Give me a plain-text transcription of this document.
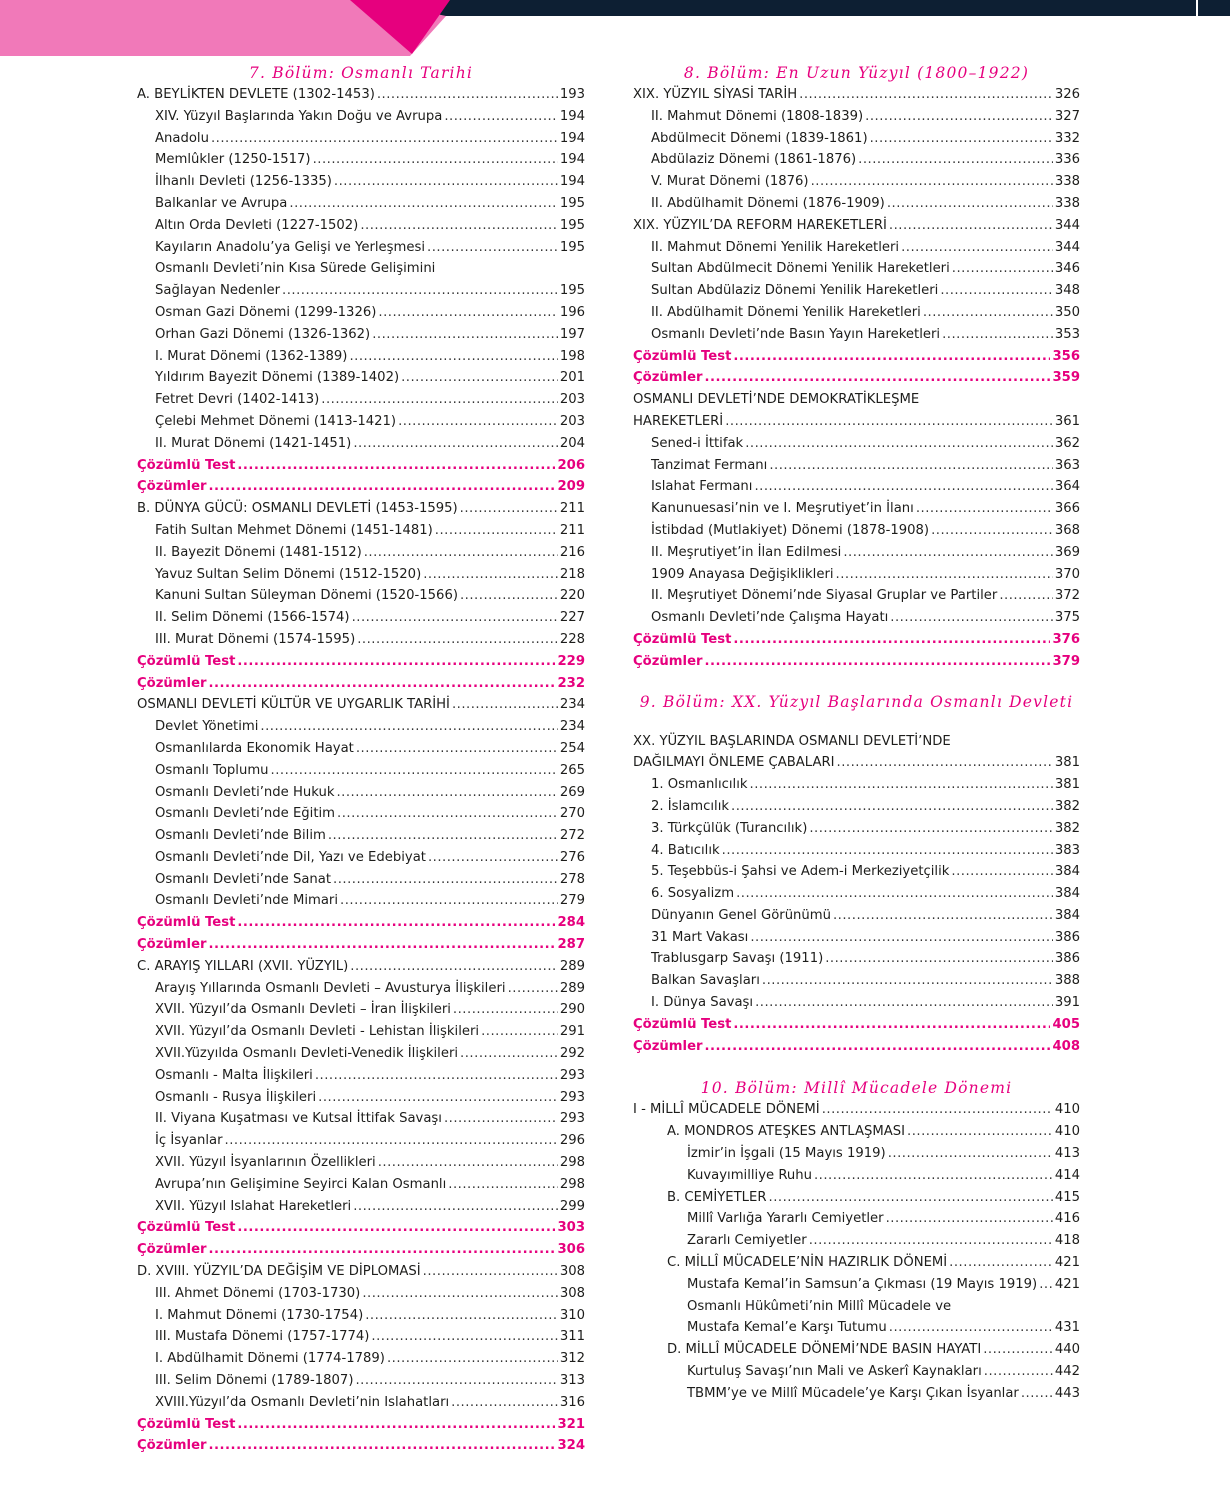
7. Bölüm: Osmanlı Tarihi
A. BEYLİKTEN DEVLETE (1302-1453) .....	193
XIV. Yüzyıl Başlarında Yakın Doğu ve Avrupa .....	194
Anadolu .....	194
Memlûkler (1250-1517) .....	194
İlhanlı Devleti (1256-1335) .....	194
Balkanlar ve Avrupa .....	195
Altın Orda Devleti (1227-1502) .....	195
Kayıların Anadolu’ya Gelişi ve Yerleşmesi .....	195
Osmanlı Devleti’nin Kısa Sürede Gelişimini
Sağlayan Nedenler .....	195
Osman Gazi Dönemi (1299-1326) .....	196
Orhan Gazi Dönemi (1326-1362) .....	197
I. Murat Dönemi (1362-1389) .....	198
Yıldırım Bayezit Dönemi (1389-1402) .....	201
Fetret Devri (1402-1413) .....	203
Çelebi Mehmet Dönemi (1413-1421) .....	203
II. Murat Dönemi (1421-1451) .....	204
Çözümlü Test .....	206
Çözümler .....	209
B. DÜNYA GÜCÜ: OSMANLI DEVLETİ (1453-1595) .....	211
Fatih Sultan Mehmet Dönemi (1451-1481) .....	211
II. Bayezit Dönemi (1481-1512) .....	216
Yavuz Sultan Selim Dönemi (1512-1520) .....	218
Kanuni Sultan Süleyman Dönemi (1520-1566) .....	220
II. Selim Dönemi (1566-1574) .....	227
III. Murat Dönemi (1574-1595) .....	228
Çözümlü Test .....	229
Çözümler .....	232
OSMANLI DEVLETİ KÜLTÜR VE UYGARLIK TARİHİ .....	234
Devlet Yönetimi .....	234
Osmanlılarda Ekonomik Hayat .....	254
Osmanlı Toplumu .....	265
Osmanlı Devleti’nde Hukuk .....	269
Osmanlı Devleti’nde Eğitim .....	270
Osmanlı Devleti’nde Bilim .....	272
Osmanlı Devleti’nde Dil, Yazı ve Edebiyat .....	276
Osmanlı Devleti’nde Sanat .....	278
Osmanlı Devleti’nde Mimari .....	279
Çözümlü Test .....	284
Çözümler .....	287
C. ARAYIŞ YILLARI (XVII. YÜZYIL) .....	289
Arayış Yıllarında Osmanlı Devleti – Avusturya İlişkileri .....	289
XVII. Yüzyıl’da Osmanlı Devleti – İran İlişkileri .....	290
XVII. Yüzyıl’da Osmanlı Devleti - Lehistan İlişkileri .....	291
XVII.Yüzyılda Osmanlı Devleti-Venedik İlişkileri .....	292
Osmanlı - Malta İlişkileri .....	293
Osmanlı - Rusya İlişkileri .....	293
II. Viyana Kuşatması ve Kutsal İttifak Savaşı .....	293
İç İsyanlar .....	296
XVII. Yüzyıl İsyanlarının Özellikleri .....	298
Avrupa’nın Gelişimine Seyirci Kalan Osmanlı .....	298
XVII. Yüzyıl Islahat Hareketleri .....	299
Çözümlü Test .....	303
Çözümler .....	306
D. XVIII. YÜZYIL’DA DEĞİŞİM VE DİPLOMASİ .....	308
III. Ahmet Dönemi (1703-1730) .....	308
I. Mahmut Dönemi (1730-1754) .....	310
III. Mustafa Dönemi (1757-1774) .....	311
I. Abdülhamit Dönemi (1774-1789) .....	312
III. Selim Dönemi (1789-1807) .....	313
XVIII.Yüzyıl’da Osmanlı Devleti’nin Islahatları .....	316
Çözümlü Test .....	321
Çözümler .....	324
8. Bölüm: En Uzun Yüzyıl (1800–1922)
XIX. YÜZYIL SİYASİ TARİH .....	326
II. Mahmut Dönemi (1808-1839) .....	327
Abdülmecit Dönemi (1839-1861) .....	332
Abdülaziz Dönemi (1861-1876) .....	336
V. Murat Dönemi (1876) .....	338
II. Abdülhamit Dönemi (1876-1909) .....	338
XIX. YÜZYIL’DA REFORM HAREKETLERİ .....	344
II. Mahmut Dönemi Yenilik Hareketleri .....	344
Sultan Abdülmecit Dönemi Yenilik Hareketleri .....	346
Sultan Abdülaziz Dönemi Yenilik Hareketleri .....	348
II. Abdülhamit Dönemi Yenilik Hareketleri .....	350
Osmanlı Devleti’nde Basın Yayın Hareketleri .....	353
Çözümlü Test .....	356
Çözümler .....	359
OSMANLI DEVLETİ’NDE DEMOKRATİKLEŞME
HAREKETLERİ .....	361
Sened-i İttifak .....	362
Tanzimat Fermanı .....	363
Islahat Fermanı .....	364
Kanunuesasi’nin ve I. Meşrutiyet’in İlanı .....	366
İstibdad (Mutlakiyet) Dönemi (1878-1908) .....	368
II. Meşrutiyet’in İlan Edilmesi .....	369
1909 Anayasa Değişiklikleri .....	370
II. Meşrutiyet Dönemi’nde Siyasal Gruplar ve Partiler .....	372
Osmanlı Devleti’nde Çalışma Hayatı .....	375
Çözümlü Test .....	376
Çözümler .....	379
9. Bölüm: XX. Yüzyıl Başlarında Osmanlı Devleti
XX. YÜZYIL BAŞLARINDA OSMANLI DEVLETİ’NDE
DAĞILMAYI ÖNLEME ÇABALARI .....	381
1. Osmanlıcılık .....	381
2. İslamcılık .....	382
3. Türkçülük (Turancılık) .....	382
4. Batıcılık .....	383
5. Teşebbüs-i Şahsi ve Adem-i Merkeziyetçilik .....	384
6. Sosyalizm .....	384
Dünyanın Genel Görünümü .....	384
31 Mart Vakası .....	386
Trablusgarp Savaşı (1911) .....	386
Balkan Savaşları .....	388
I. Dünya Savaşı .....	391
Çözümlü Test .....	405
Çözümler .....	408
10. Bölüm: Millî Mücadele Dönemi
I - MİLLÎ MÜCADELE DÖNEMİ .....	410
A. MONDROS ATEŞKES ANTLAŞMASI .....	410
İzmir’in İşgali (15 Mayıs 1919) .....	413
Kuvayımilliye Ruhu .....	414
B. CEMİYETLER .....	415
Millî Varlığa Yararlı Cemiyetler .....	416
Zararlı Cemiyetler .....	418
C. MİLLÎ MÜCADELE’NİN HAZIRLIK DÖNEMİ .....	421
Mustafa Kemal’in Samsun’a Çıkması (19 Mayıs 1919) ..... 421
Osmanlı Hükûmeti’nin Millî Mücadele ve
Mustafa Kemal’e Karşı Tutumu .....	431
D. MİLLÎ MÜCADELE DÖNEMİ’NDE BASIN HAYATI .....	440
Kurtuluş Savaşı’nın Mali ve Askerî Kaynakları .....	442
TBMM’ye ve Millî Mücadele’ye Karşı Çıkan İsyanlar .....	443
